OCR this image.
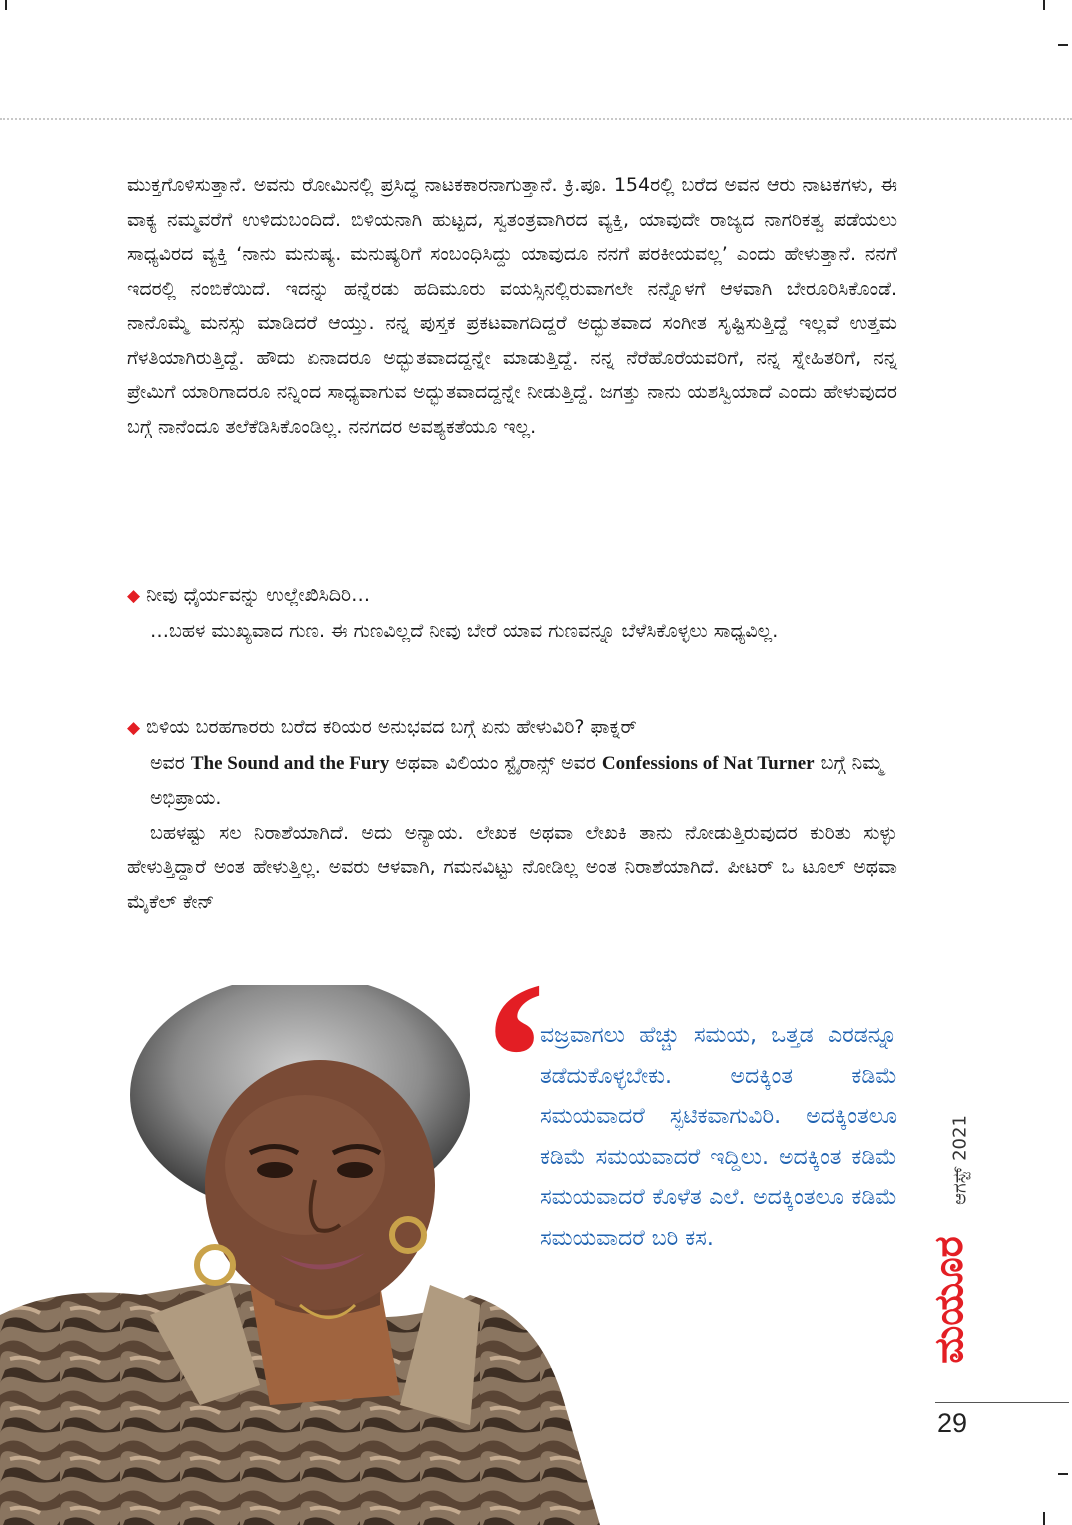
ಮುಕ್ತಗೊಳಿಸುತ್ತಾನೆ. ಅವನು ರೋಮಿನಲ್ಲಿ ಪ್ರಸಿದ್ಧ ನಾಟಕಕಾರನಾಗುತ್ತಾನೆ. ಕ್ರಿ.ಪೂ. 154ರಲ್ಲಿ ಬರೆದ ಅವನ ಆರು ನಾಟಕಗಳು, ಈ ವಾಕ್ಯ ನಮ್ಮವರೆಗೆ ಉಳಿದುಬಂದಿದೆ. ಬಿಳಿಯನಾಗಿ ಹುಟ್ಟದ, ಸ್ವತಂತ್ರವಾಗಿರದ ವ್ಯಕ್ತಿ, ಯಾವುದೇ ರಾಜ್ಯದ ನಾಗರಿಕತ್ವ ಪಡೆಯಲು ಸಾಧ್ಯವಿರದ ವ್ಯಕ್ತಿ ‘ನಾನು ಮನುಷ್ಯ. ಮನುಷ್ಯರಿಗೆ ಸಂಬಂಧಿಸಿದ್ದು ಯಾವುದೂ ನನಗೆ ಪರಕೀಯವಲ್ಲ’ ಎಂದು ಹೇಳುತ್ತಾನೆ. ನನಗೆ ಇದರಲ್ಲಿ ನಂಬಿಕೆಯಿದೆ. ಇದನ್ನು ಹನ್ನೆರಡು ಹದಿಮೂರು ವಯಸ್ಸಿನಲ್ಲಿರುವಾಗಲೇ ನನ್ನೊಳಗೆ ಆಳವಾಗಿ ಬೇರೂರಿಸಿಕೊಂಡೆ. ನಾನೊಮ್ಮೆ ಮನಸ್ಸು ಮಾಡಿದರೆ ಆಯ್ತು. ನನ್ನ ಪುಸ್ತಕ ಪ್ರಕಟವಾಗದಿದ್ದರೆ ಅದ್ಭುತವಾದ ಸಂಗೀತ ಸೃಷ್ಟಿಸುತ್ತಿದ್ದೆ ಇಲ್ಲವೆ ಉತ್ತಮ ಗೆಳತಿಯಾಗಿರುತ್ತಿದ್ದೆ. ಹೌದು ಏನಾದರೂ ಅದ್ಭುತವಾದದ್ದನ್ನೇ ಮಾಡುತ್ತಿದ್ದೆ. ನನ್ನ ನೆರೆಹೊರೆಯವರಿಗೆ, ನನ್ನ ಸ್ನೇಹಿತರಿಗೆ, ನನ್ನ ಪ್ರೇಮಿಗೆ ಯಾರಿಗಾದರೂ ನನ್ನಿಂದ ಸಾಧ್ಯವಾಗುವ ಅದ್ಭುತವಾದದ್ದನ್ನೇ ನೀಡುತ್ತಿದ್ದೆ. ಜಗತ್ತು ನಾನು ಯಶಸ್ವಿಯಾದೆ ಎಂದು ಹೇಳುವುದರ ಬಗ್ಗೆ ನಾನೆಂದೂ ತಲೆಕೆಡಿಸಿಕೊಂಡಿಲ್ಲ. ನನಗದರ ಅವಶ್ಯಕತೆಯೂ ಇಲ್ಲ.

◆ ನೀವು ಧೈರ್ಯವನ್ನು ಉಲ್ಲೇಖಿಸಿದಿರಿ…

…ಬಹಳ ಮುಖ್ಯವಾದ ಗುಣ. ಈ ಗುಣವಿಲ್ಲದೆ ನೀವು ಬೇರೆ ಯಾವ ಗುಣವನ್ನೂ ಬೆಳೆಸಿಕೊಳ್ಳಲು ಸಾಧ್ಯವಿಲ್ಲ.

◆ ಬಿಳಿಯ ಬರಹಗಾರರು ಬರೆದ ಕರಿಯರ ಅನುಭವದ ಬಗ್ಗೆ ಏನು ಹೇಳುವಿರಿ? ಫಾಕ್ನರ್

ಅವರ The Sound and the Fury ಅಥವಾ ವಿಲಿಯಂ ಸ್ಟೈರಾನ್ಸ್ ಅವರ Confessions of Nat Turner ಬಗ್ಗೆ ನಿಮ್ಮ ಅಭಿಪ್ರಾಯ.

ಬಹಳಷ್ಟು ಸಲ ನಿರಾಶೆಯಾಗಿದೆ. ಅದು ಅನ್ಯಾಯ. ಲೇಖಕ ಅಥವಾ ಲೇಖಕಿ ತಾನು ನೋಡುತ್ತಿರುವುದರ ಕುರಿತು ಸುಳ್ಳು ಹೇಳುತ್ತಿದ್ದಾರೆ ಅಂತ ಹೇಳುತ್ತಿಲ್ಲ. ಅವರು ಆಳವಾಗಿ, ಗಮನವಿಟ್ಟು ನೋಡಿಲ್ಲ ಅಂತ ನಿರಾಶೆಯಾಗಿದೆ. ಪೀಟರ್ ಒ ಟೂಲ್ ಅಥವಾ ಮೈಕೆಲ್ ಕೇನ್

‘

ವಜ್ರವಾಗಲು ಹೆಚ್ಚು ಸಮಯ, ಒತ್ತಡ ಎರಡನ್ನೂ ತಡೆದುಕೊಳ್ಳಬೇಕು. ಅದಕ್ಕಿಂತ ಕಡಿಮೆ ಸಮಯವಾದರೆ ಸ್ಫಟಿಕವಾಗುವಿರಿ. ಅದಕ್ಕಿಂತಲೂ ಕಡಿಮೆ ಸಮಯವಾದರೆ ಇದ್ದಿಲು. ಅದಕ್ಕಿಂತ ಕಡಿಮೆ ಸಮಯವಾದರೆ ಕೊಳೆತ ಎಲೆ. ಅದಕ್ಕಿಂತಲೂ ಕಡಿಮೆ ಸಮಯವಾದರೆ ಬರಿ ಕಸ.

ಆಗಸ್ಟ್ 2021
ಮಯೂರ
29
